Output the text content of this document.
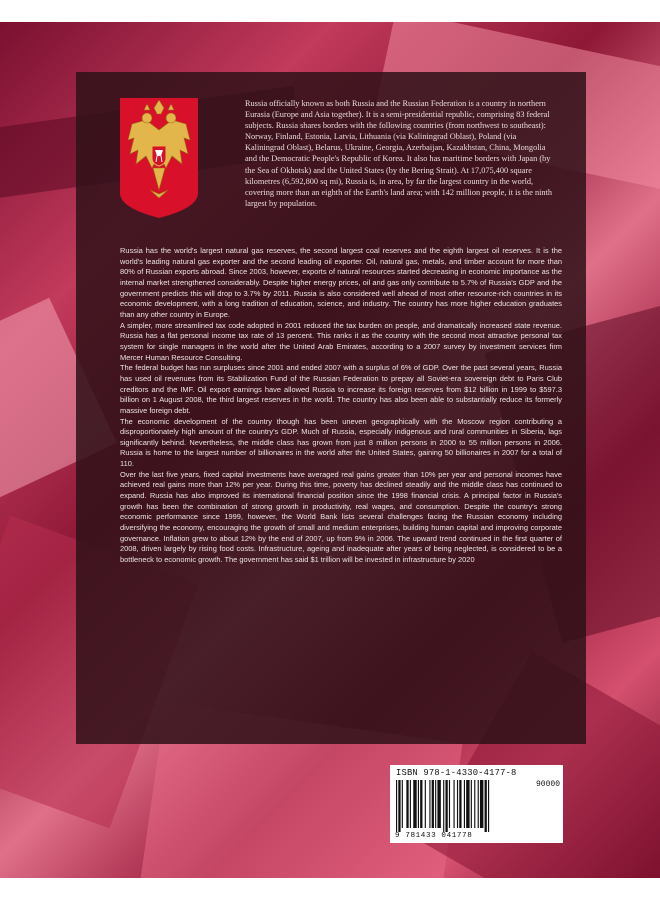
Russia officially known as both Russia and the Russian Federation is a country in northern Eurasia (Europe and Asia together). It is a semi-presidential republic, comprising 83 federal subjects. Russia shares borders with the following countries (from northwest to southeast): Norway, Finland, Estonia, Latvia, Lithuania (via Kaliningrad Oblast), Poland (via Kaliningrad Oblast), Belarus, Ukraine, Georgia, Azerbaijan, Kazakhstan, China, Mongolia and the Democratic People's Republic of Korea. It also has maritime borders with Japan (by the Sea of Okhotsk) and the United States (by the Bering Strait). At 17,075,400 square kilometres (6,592,800 sq mi), Russia is, in area, by far the largest country in the world, covering more than an eighth of the Earth's land area; with 142 million people, it is the ninth largest by population.

Russia has the world's largest natural gas reserves, the second largest coal reserves and the eighth largest oil reserves. It is the world's leading natural gas exporter and the second leading oil exporter. Oil, natural gas, metals, and timber account for more than 80% of Russian exports abroad. Since 2003, however, exports of natural resources started decreasing in economic importance as the internal market strengthened considerably. Despite higher energy prices, oil and gas only contribute to 5.7% of Russia's GDP and the government predicts this will drop to 3.7% by 2011. Russia is also considered well ahead of most other resource-rich countries in its economic development, with a long tradition of education, science, and industry. The country has more higher education graduates than any other country in Europe.

A simpler, more streamlined tax code adopted in 2001 reduced the tax burden on people, and dramatically increased state revenue. Russia has a flat personal income tax rate of 13 percent. This ranks it as the country with the second most attractive personal tax system for single managers in the world after the United Arab Emirates, according to a 2007 survey by investment services firm Mercer Human Resource Consulting.

The federal budget has run surpluses since 2001 and ended 2007 with a surplus of 6% of GDP. Over the past several years, Russia has used oil revenues from its Stabilization Fund of the Russian Federation to prepay all Soviet-era sovereign debt to Paris Club creditors and the IMF. Oil export earnings have allowed Russia to increase its foreign reserves from $12 billion in 1999 to $597.3 billion on 1 August 2008, the third largest reserves in the world. The country has also been able to substantially reduce its formerly massive foreign debt.

The economic development of the country though has been uneven geographically with the Moscow region contributing a disproportionately high amount of the country's GDP. Much of Russia, especially indigenous and rural communities in Siberia, lags significantly behind. Nevertheless, the middle class has grown from just 8 million persons in 2000 to 55 million persons in 2006. Russia is home to the largest number of billionaires in the world after the United States, gaining 50 billionaires in 2007 for a total of 110.

Over the last five years, fixed capital investments have averaged real gains greater than 10% per year and personal incomes have achieved real gains more than 12% per year. During this time, poverty has declined steadily and the middle class has continued to expand. Russia has also improved its international financial position since the 1998 financial crisis. A principal factor in Russia's growth has been the combination of strong growth in productivity, real wages, and consumption. Despite the country's strong economic performance since 1999, however, the World Bank lists several challenges facing the Russian economy including diversifying the economy, encouraging the growth of small and medium enterprises, building human capital and improving corporate governance. Inflation grew to about 12% by the end of 2007, up from 9% in 2006. The upward trend continued in the first quarter of 2008, driven largely by rising food costs. Infrastructure, ageing and inadequate after years of being neglected, is considered to be a bottleneck to economic growth. The government has said $1 trillion will be invested in infrastructure by 2020

ISBN 978-1-4330-4177-8
90000
9 781433 041778
